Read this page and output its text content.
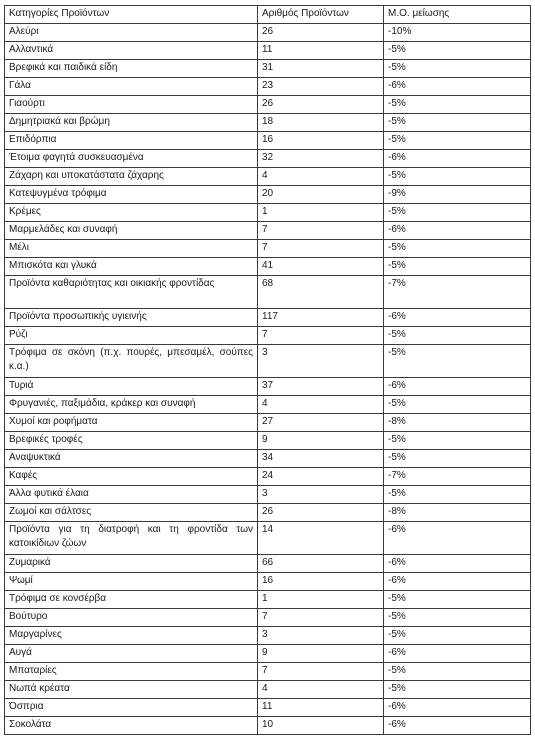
Κατηγορίες Προϊόντων	Αριθμός Προϊόντων	Μ.Ο. μείωσης
Αλεύρι	26	-10%
Αλλαντικά	11	-5%
Βρεφικά και παιδικά είδη	31	-5%
Γάλα	23	-6%
Γιαούρτι	26	-5%
Δημητριακά και βρώμη	18	-5%
Επιδόρπια	16	-5%
Έτοιμα φαγητά συσκευασμένα	32	-6%
Ζάχαρη και υποκατάστατα ζάχαρης	4	-5%
Κατεψυγμένα τρόφιμα	20	-9%
Κρέμες	1	-5%
Μαρμελάδες και συναφή	7	-6%
Μέλι	7	-5%
Μπισκότα και γλυκά	41	-5%
Προϊόντα καθαριότητας και οικιακής φροντίδας	68	-7%
Προϊόντα προσωπικής υγιεινής	117	-6%
Ρύζι	7	-5%
Τρόφιμα σε σκόνη (π.χ. πουρές, μπεσαμέλ, σούπες κ.α.)	3	-5%
Τυριά	37	-6%
Φρυγανιές, παξιμάδια, κράκερ και συναφή	4	-5%
Χυμοί και ροφήματα	27	-8%
Βρεφικές τροφές	9	-5%
Αναψυκτικά	34	-5%
Καφές	24	-7%
Άλλα φυτικά έλαια	3	-5%
Ζωμοί και σάλτσες	26	-8%
Προϊόντα για τη διατροφή και τη φροντίδα των κατοικίδιων ζώων	14	-6%
Ζυμαρικά	66	-6%
Ψωμί	16	-6%
Τρόφιμα σε κονσέρβα	1	-5%
Βούτυρο	7	-5%
Μαργαρίνες	3	-5%
Αυγά	9	-6%
Μπαταρίες	7	-5%
Νωπά κρέατα	4	-5%
Όσπρια	11	-6%
Σοκολάτα	10	-6%
